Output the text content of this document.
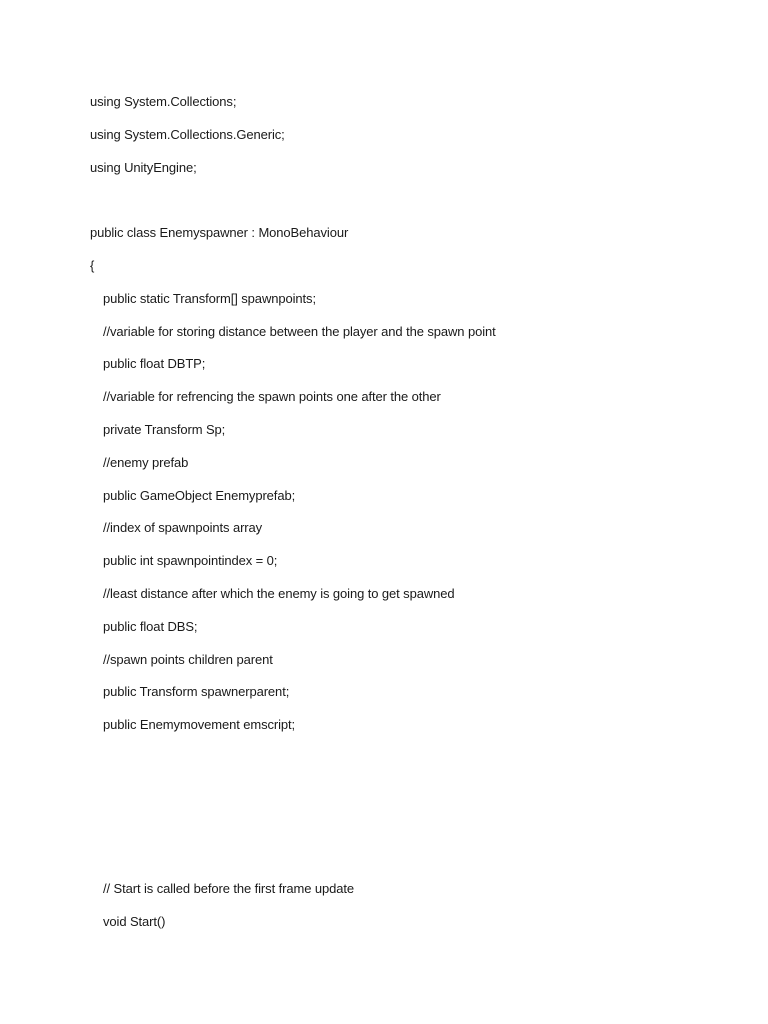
using System.Collections;
using System.Collections.Generic;
using UnityEngine;
public class Enemyspawner : MonoBehaviour
{
public static Transform[] spawnpoints;
//variable for storing distance between the player and the spawn point
public float DBTP;
//variable for refrencing the spawn points one after the other
private Transform Sp;
//enemy prefab
public GameObject Enemyprefab;
//index of spawnpoints array
public int spawnpointindex = 0;
//least distance after which the enemy is going to get spawned
public float DBS;
//spawn points children parent
public Transform spawnerparent;
public Enemymovement emscript;
// Start is called before the first frame update
void Start()
